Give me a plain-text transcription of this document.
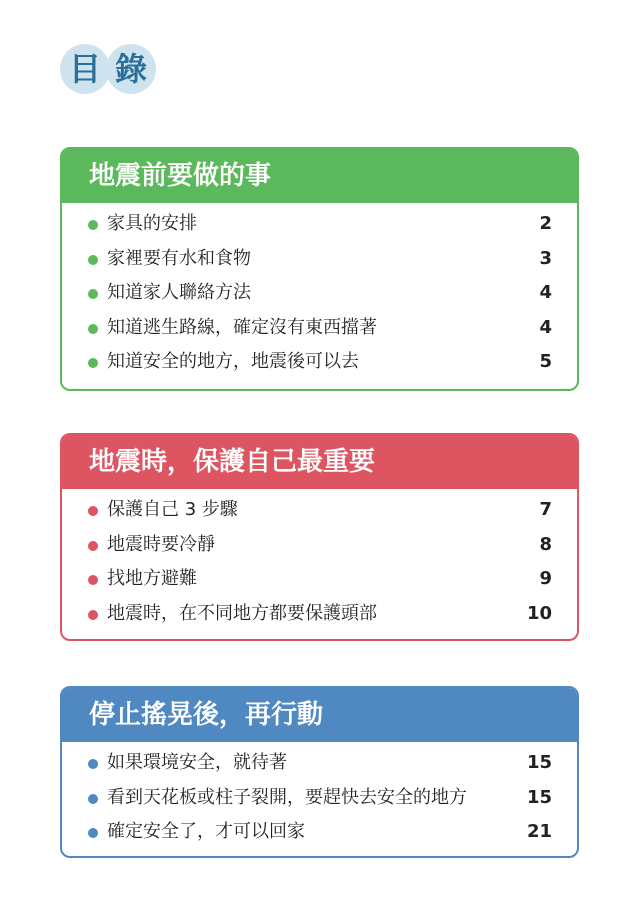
目 錄
地震前要做的事
家具的安排	2
家裡要有水和食物	3
知道家人聯絡方法	4
知道逃生路線，確定沒有東西擋著	4
知道安全的地方，地震後可以去	5
地震時，保護自己最重要
保護自己 3 步驟	7
地震時要冷靜	8
找地方避難	9
地震時，在不同地方都要保護頭部	10
停止搖晃後，再行動
如果環境安全，就待著	15
看到天花板或柱子裂開，要趕快去安全的地方	15
確定安全了，才可以回家	21
